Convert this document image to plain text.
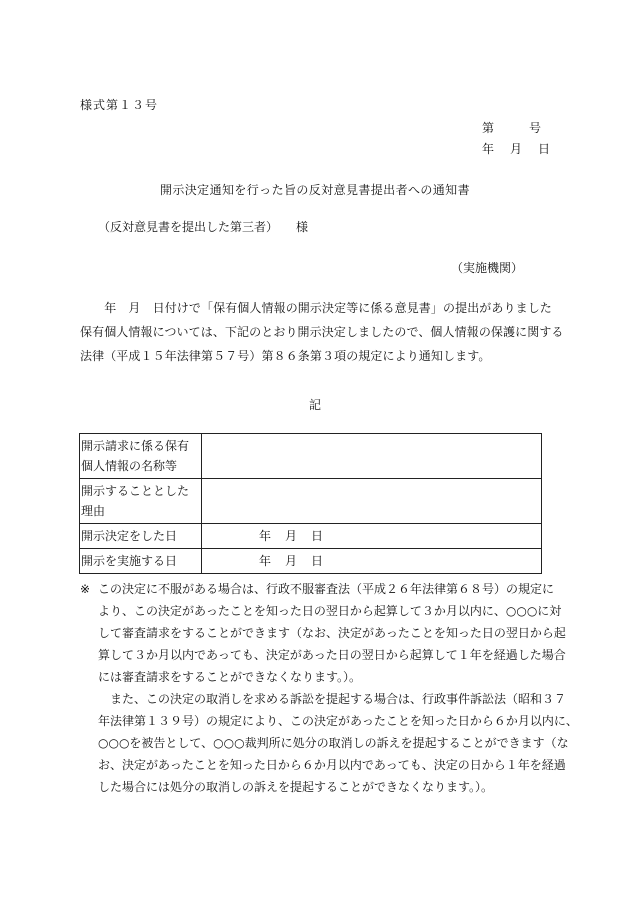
様式第１３号
第	号
年 月 日
開示決定通知を行った旨の反対意見書提出者への通知書
（反対意見書を提出した第三者） 様
（実施機関）

　　年　月　日付けで「保有個人情報の開示決定等に係る意見書」の提出がありました

保有個人情報については、下記のとおり開示決定しましたので、個人情報の保護に関する

法律（平成１５年法律第５７号）第８６条第３項の規定により通知します。

記
開示請求に係る保有個人情報の名称等	
開示することとした理由	
開示決定をした日	年 月 日
開示を実施する日	年 月 日
※ この決定に不服がある場合は、行政不服審査法（平成２６年法律第６８号）の規定に
より、この決定があったことを知った日の翌日から起算して３か月以内に、○○○に対
して審査請求をすることができます（なお、決定があったことを知った日の翌日から起
算して３か月以内であっても、決定があった日の翌日から起算して１年を経過した場合
には審査請求をすることができなくなります。）。
　また、この決定の取消しを求める訴訟を提起する場合は、行政事件訴訟法（昭和３７
年法律第１３９号）の規定により、この決定があったことを知った日から６か月以内に、
○○○を被告として、○○○裁判所に処分の取消しの訴えを提起することができます（な
お、決定があったことを知った日から６か月以内であっても、決定の日から１年を経過
した場合には処分の取消しの訴えを提起することができなくなります。）。
